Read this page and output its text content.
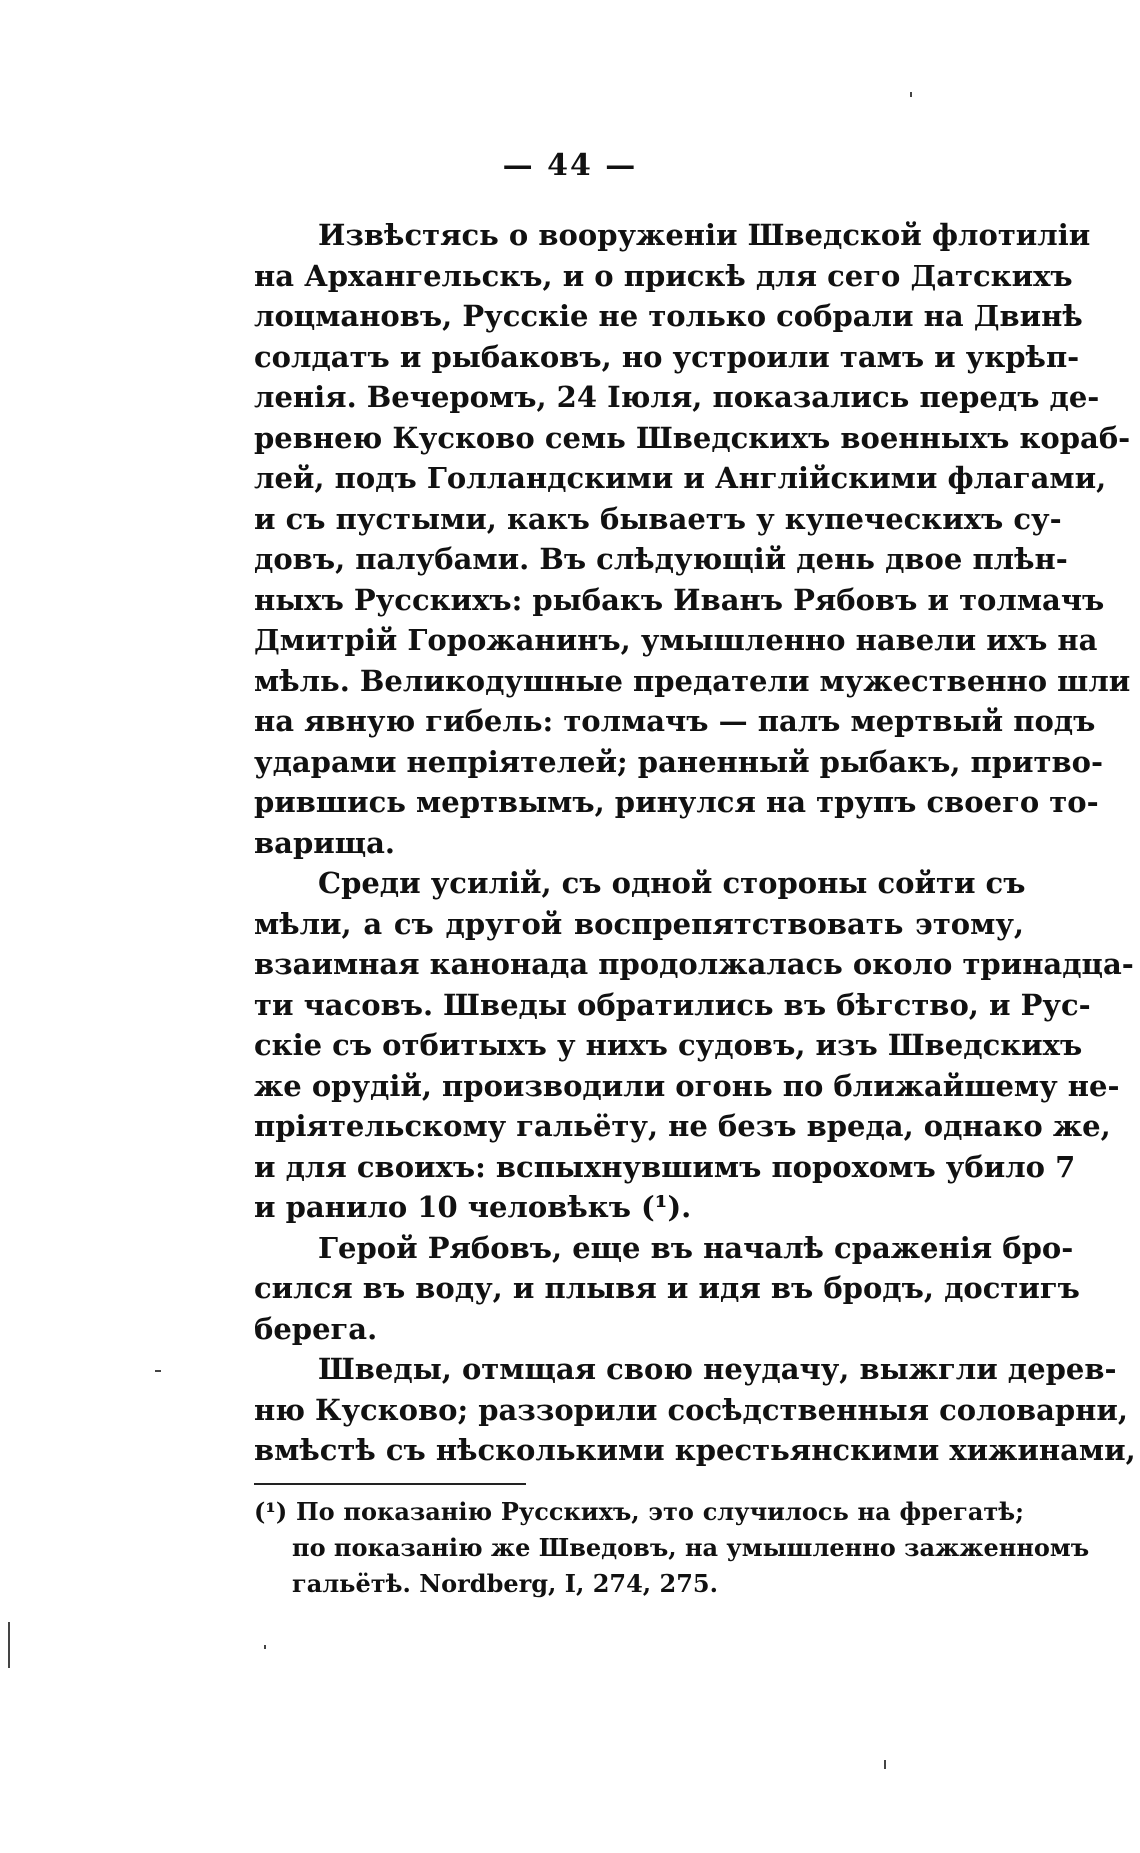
— 44 —
Извѣстясь о вооруженіи Шведской флотиліи
на Архангельскъ, и о прискѣ для сего Датскихъ
лоцмановъ, Русскіе не только собрали на Двинѣ
солдатъ и рыбаковъ, но устроили тамъ и укрѣп-
ленія. Вечеромъ, 24 Іюля, показались передъ де-
ревнею Кусково семь Шведскихъ военныхъ кораб-
лей, подъ Голландскими и Англійскими флагами,
и съ пустыми, какъ бываетъ у купеческихъ су-
довъ, палубами. Въ слѣдующій день двое плѣн-
ныхъ Русскихъ: рыбакъ Иванъ Рябовъ и толмачъ
Дмитрій Горожанинъ, умышленно навели ихъ на
мѣль. Великодушные предатели мужественно шли
на явную гибель: толмачъ — палъ мертвый подъ
ударами непріятелей; раненный рыбакъ, притво-
рившись мертвымъ, ринулся на трупъ своего то-
варища.
Среди усилій, съ одной стороны сойти съ
мѣли, а съ другой воспрепятствовать этому,
взаимная канонада продолжалась около тринадца-
ти часовъ. Шведы обратились въ бѣгство, и Рус-
скіе съ отбитыхъ у нихъ судовъ, изъ Шведскихъ
же орудій, производили огонь по ближайшему не-
пріятельскому гальёту, не безъ вреда, однако же,
и для своихъ: вспыхнувшимъ порохомъ убило 7
и ранило 10 человѣкъ (¹).
Герой Рябовъ, еще въ началѣ сраженія бро-
сился въ воду, и плывя и идя въ бродъ, достигъ
берега.
Шведы, отмщая свою неудачу, выжгли дерев-
ню Кусково; раззорили сосѣдственныя соловарни,
вмѣстѣ съ нѣсколькими крестьянскими хижинами,
(¹) По показанію Русскихъ, это случилось на фрегатѣ;
по показанію же Шведовъ, на умышленно зажженномъ
гальётѣ. Nordberg, I, 274, 275.
